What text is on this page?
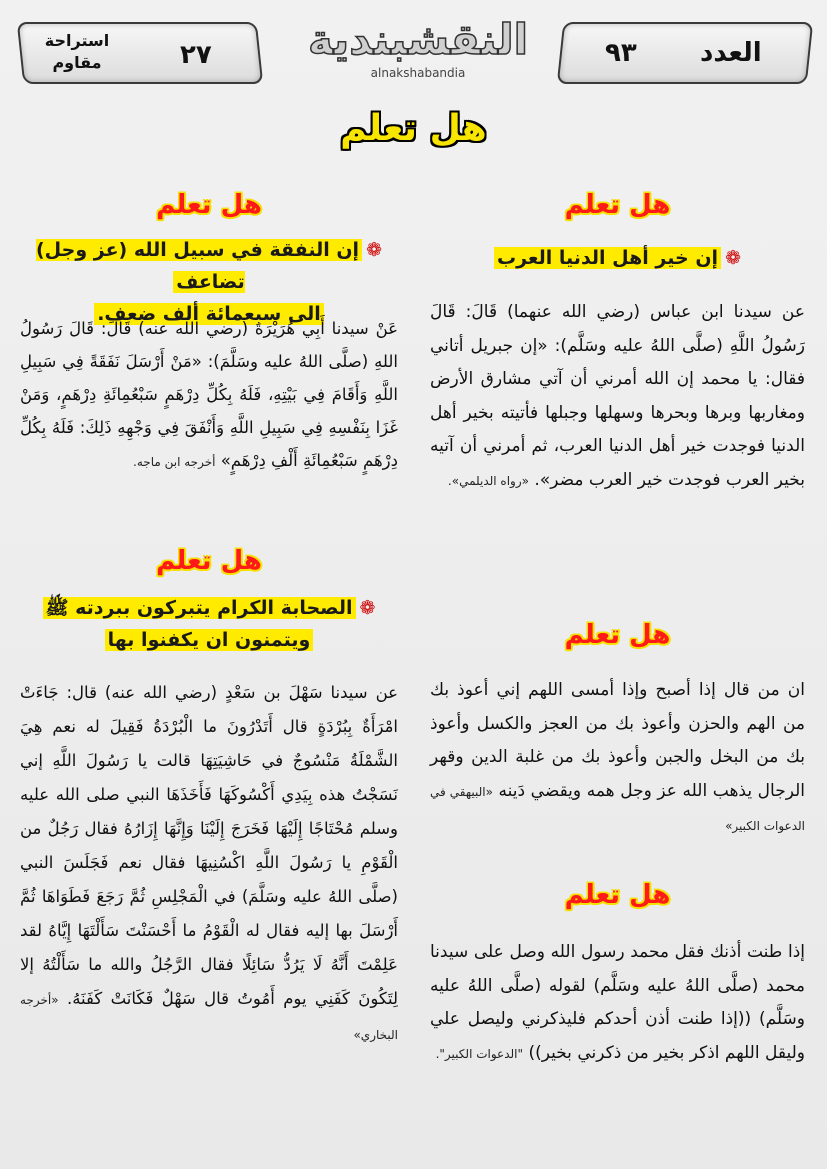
العدد
٩٣
٢٧
استراحة
مقاوم	النقشبندية
alnakshabandia
هل تعلم
هل تعلم
❁إن خير أهل الدنيا العرب
عن سيدنا ابن عباس (رضي الله عنهما) قَالَ: قَالَ رَسُولُ اللَّهِ (صلَّى اللهُ عليه وسَلَّم): «إن جبريل أتاني فقال: يا محمد إن الله أمرني أن آتي مشارق الأرض ومغاربها وبرها وبحرها وسهلها وجبلها فأتيته بخير أهل الدنيا فوجدت خير أهل الدنيا العرب، ثم أمرني أن آتيه بخير العرب فوجدت خير العرب مضر». «رواه الديلمي».
هل تعلم
ان من قال إذا أصبح وإذا أمسى اللهم إني أعوذ بك من الهم والحزن وأعوذ بك من العجز والكسل وأعوذ بك من البخل والجبن وأعوذ بك من غلبة الدين وقهر الرجال يذهب الله عز وجل همه ويقضي دَينه «البيهقي في الدعوات الكبير»
هل تعلم
إذا طنت أذنك فقل محمد رسول الله وصل على سيدنا محمد (صلَّى اللهُ عليه وسَلَّم) لقوله (صلَّى اللهُ عليه وسَلَّم) ((إذا طنت أذن أحدكم فليذكرني وليصل علي وليقل اللهم اذكر بخير من ذكرني بخير)) "الدعوات الكبير".
هل تعلم
❁إن النفقة في سبيل الله (عز وجل) تضاعف
الى سبعمائة ألف ضعف.
عَنْ سيدنا أَبِي هُرَيْرَةَ (رضي الله عنه) قَالَ: قَالَ رَسُولُ اللهِ (صلَّى اللهُ عليه وسَلَّمَ): «مَنْ أَرْسَلَ نَفَقَةً فِي سَبِيلِ اللَّهِ وَأَقَامَ فِي بَيْتِهِ، فَلَهُ بِكُلِّ دِرْهَمٍ سَبْعُمِائَةِ دِرْهَمٍ، وَمَنْ غَزَا بِنَفْسِهِ فِي سَبِيلِ اللَّهِ وَأَنْفَقَ فِي وَجْهِهِ ذَلِكَ: فَلَهُ بِكُلِّ دِرْهَمٍ سَبْعُمِائَةِ أَلْفِ دِرْهَمٍ» أخرجه ابن ماجه.
هل تعلم
❁الصحابة الكرام يتبركون ببردته ﷺ
ويتمنون ان يكفنوا بها
عن سيدنا سَهْلَ بن سَعْدٍ (رضي الله عنه) قال: جَاءَتْ امْرَأَةٌ بِبُرْدَةٍ قال أَتَدْرُونَ ما الْبُرْدَةُ فَقِيلَ له نعم هِيَ الشَّمْلَةُ مَنْسُوجٌ في حَاشِيَتِهَا قالت يا رَسُولَ اللَّهِ إني نَسَجْتُ هذه بِيَدِي أَكْسُوكَهَا فَأَخَذَهَا النبي صلى الله عليه وسلم مُحْتَاجًا إِلَيْهَا فَخَرَجَ إِلَيْنَا وَإِنَّهَا إِزَارُهُ فقال رَجُلٌ من الْقَوْمِ يا رَسُولَ اللَّهِ اكْسُنِيهَا فقال نعم فَجَلَسَ النبي (صلَّى اللهُ عليه وسَلَّمَ) في الْمَجْلِسِ ثُمَّ رَجَعَ فَطَوَاهَا ثُمَّ أَرْسَلَ بها إليه فقال له الْقَوْمُ ما أَحْسَنْتَ سَأَلْتَهَا إِيَّاهُ لقد عَلِمْتَ أَنَّهُ لَا يَرُدُّ سَائِلًا فقال الرَّجُلُ والله ما سَأَلْتُهُ إلا لِتَكُونَ كَفَنِي يوم أَمُوتُ قال سَهْلٌ فَكَانَتْ كَفَنَهُ. «أخرجه البخاري»
